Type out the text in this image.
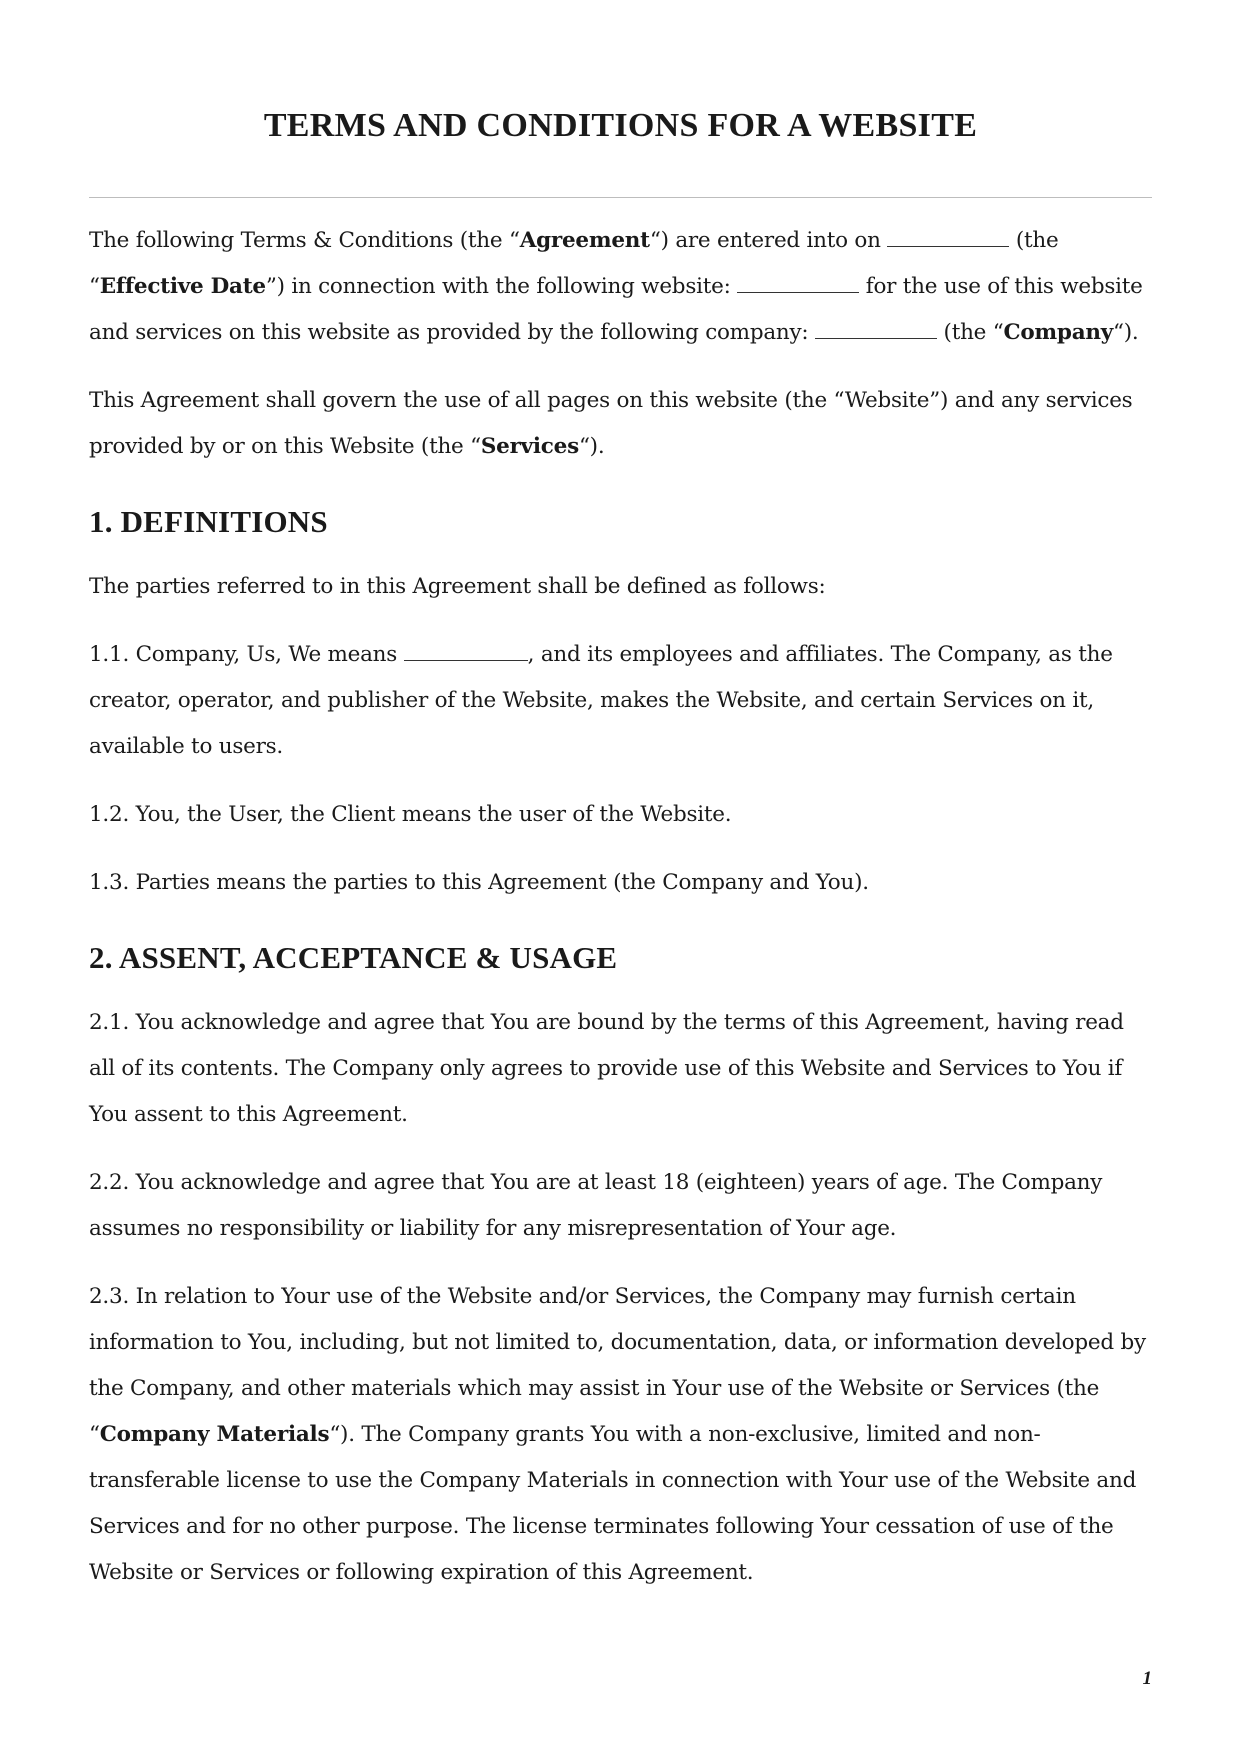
TERMS AND CONDITIONS FOR A WEBSITE

The following Terms & Conditions (the “Agreement“) are entered into on	(the “Effective Date”) in connection with the following website:	for the use of this website and services on this website as provided by the following company:	(the “Company“).

This Agreement shall govern the use of all pages on this website (the “Website”) and any services provided by or on this Website (the “Services“).

1. DEFINITIONS

The parties referred to in this Agreement shall be defined as follows:

1.1. Company, Us, We means	, and its employees and affiliates. The Company, as the creator, operator, and publisher of the Website, makes the Website, and certain Services on it, available to users.

1.2. You, the User, the Client means the user of the Website.

1.3. Parties means the parties to this Agreement (the Company and You).

2. ASSENT, ACCEPTANCE & USAGE

2.1. You acknowledge and agree that You are bound by the terms of this Agreement, having read all of its contents. The Company only agrees to provide use of this Website and Services to You if You assent to this Agreement.

2.2. You acknowledge and agree that You are at least 18 (eighteen) years of age. The Company assumes no responsibility or liability for any misrepresentation of Your age.

2.3. In relation to Your use of the Website and/or Services, the Company may furnish certain information to You, including, but not limited to, documentation, data, or information developed by the Company, and other materials which may assist in Your use of the Website or Services (the “Company Materials“). The Company grants You with a non-exclusive, limited and non-transferable license to use the Company Materials in connection with Your use of the Website and Services and for no other purpose. The license terminates following Your cessation of use of the Website or Services or following expiration of this Agreement.

1
